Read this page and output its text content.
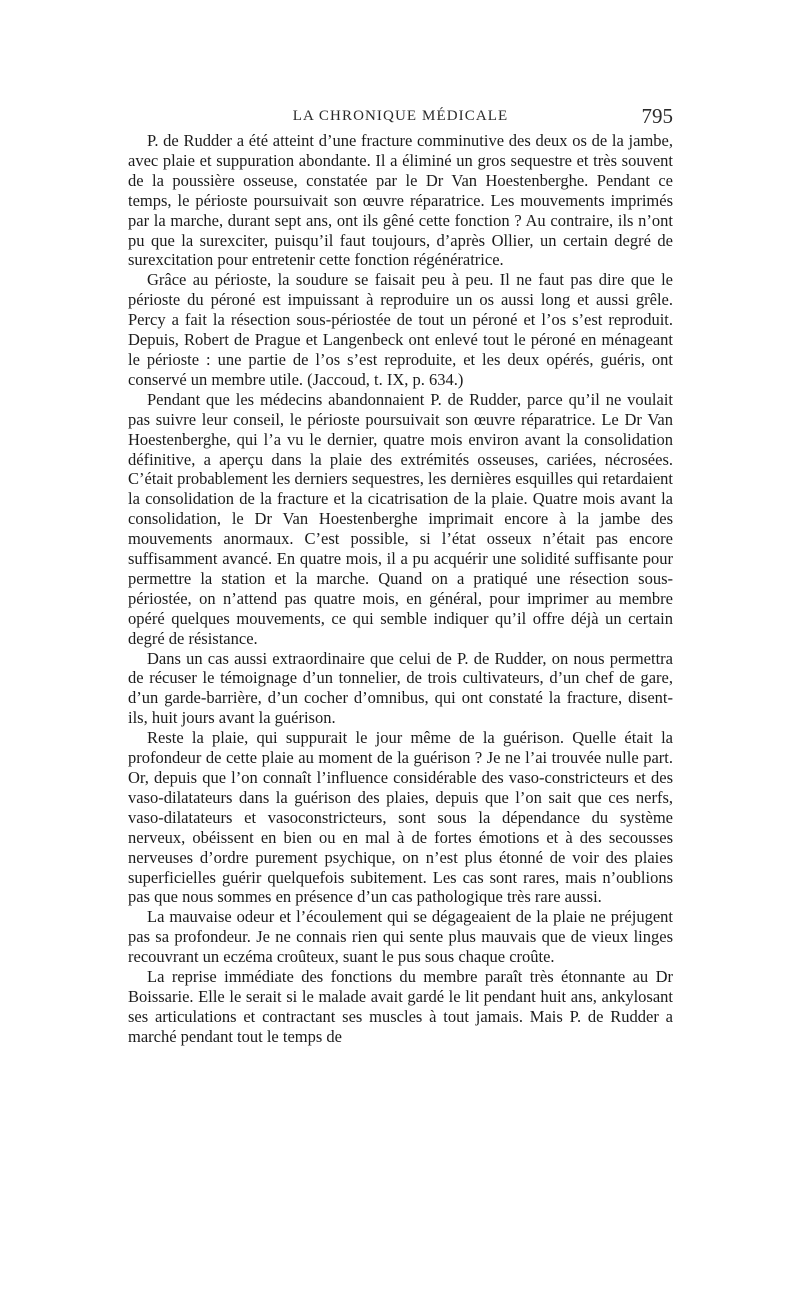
LA CHRONIQUE MÉDICALE	795

P. de Rudder a été atteint d’une fracture comminutive des deux os de la jambe, avec plaie et suppuration abondante. Il a éliminé un gros sequestre et très souvent de la poussière osseuse, constatée par le Dr Van Hoestenberghe. Pendant ce temps, le périoste poursuivait son œuvre réparatrice. Les mouvements imprimés par la marche, durant sept ans, ont ils gêné cette fonction ? Au contraire, ils n’ont pu que la surexciter, puisqu’il faut toujours, d’après Ollier, un certain degré de surexcitation pour entretenir cette fonction régénératrice.

Grâce au périoste, la soudure se faisait peu à peu. Il ne faut pas dire que le périoste du péroné est impuissant à reproduire un os aussi long et aussi grêle. Percy a fait la résection sous-périostée de tout un péroné et l’os s’est reproduit. Depuis, Robert de Prague et Langenbeck ont enlevé tout le péroné en ménageant le périoste : une partie de l’os s’est reproduite, et les deux opérés, guéris, ont conservé un membre utile. (Jaccoud, t. IX, p. 634.)

Pendant que les médecins abandonnaient P. de Rudder, parce qu’il ne voulait pas suivre leur conseil, le périoste poursuivait son œuvre réparatrice. Le Dr Van Hoestenberghe, qui l’a vu le dernier, quatre mois environ avant la consolidation définitive, a aperçu dans la plaie des extrémités osseuses, cariées, nécrosées. C’était probablement les derniers sequestres, les dernières esquilles qui retardaient la consolidation de la fracture et la cicatrisation de la plaie. Quatre mois avant la consolidation, le Dr Van Hoestenberghe imprimait encore à la jambe des mouvements anormaux. C’est possible, si l’état osseux n’était pas encore suffisamment avancé. En quatre mois, il a pu acquérir une solidité suffisante pour permettre la station et la marche. Quand on a pratiqué une résection sous-périostée, on n’attend pas quatre mois, en général, pour imprimer au membre opéré quelques mouvements, ce qui semble indiquer qu’il offre déjà un certain degré de résistance.

Dans un cas aussi extraordinaire que celui de P. de Rudder, on nous permettra de récuser le témoignage d’un tonnelier, de trois cultivateurs, d’un chef de gare, d’un garde-barrière, d’un cocher d’omnibus, qui ont constaté la fracture, disent-ils, huit jours avant la guérison.

Reste la plaie, qui suppurait le jour même de la guérison. Quelle était la profondeur de cette plaie au moment de la guérison ? Je ne l’ai trouvée nulle part. Or, depuis que l’on connaît l’influence considérable des vaso-constricteurs et des vaso-dilatateurs dans la guérison des plaies, depuis que l’on sait que ces nerfs, vaso-dilatateurs et vasoconstricteurs, sont sous la dépendance du système nerveux, obéissent en bien ou en mal à de fortes émotions et à des secousses nerveuses d’ordre purement psychique, on n’est plus étonné de voir des plaies superficielles guérir quelquefois subitement. Les cas sont rares, mais n’oublions pas que nous sommes en présence d’un cas pathologique très rare aussi.

La mauvaise odeur et l’écoulement qui se dégageaient de la plaie ne préjugent pas sa profondeur. Je ne connais rien qui sente plus mauvais que de vieux linges recouvrant un eczéma croûteux, suant le pus sous chaque croûte.

La reprise immédiate des fonctions du membre paraît très étonnante au Dr Boissarie. Elle le serait si le malade avait gardé le lit pendant huit ans, ankylosant ses articulations et contractant ses muscles à tout jamais. Mais P. de Rudder a marché pendant tout le temps de
